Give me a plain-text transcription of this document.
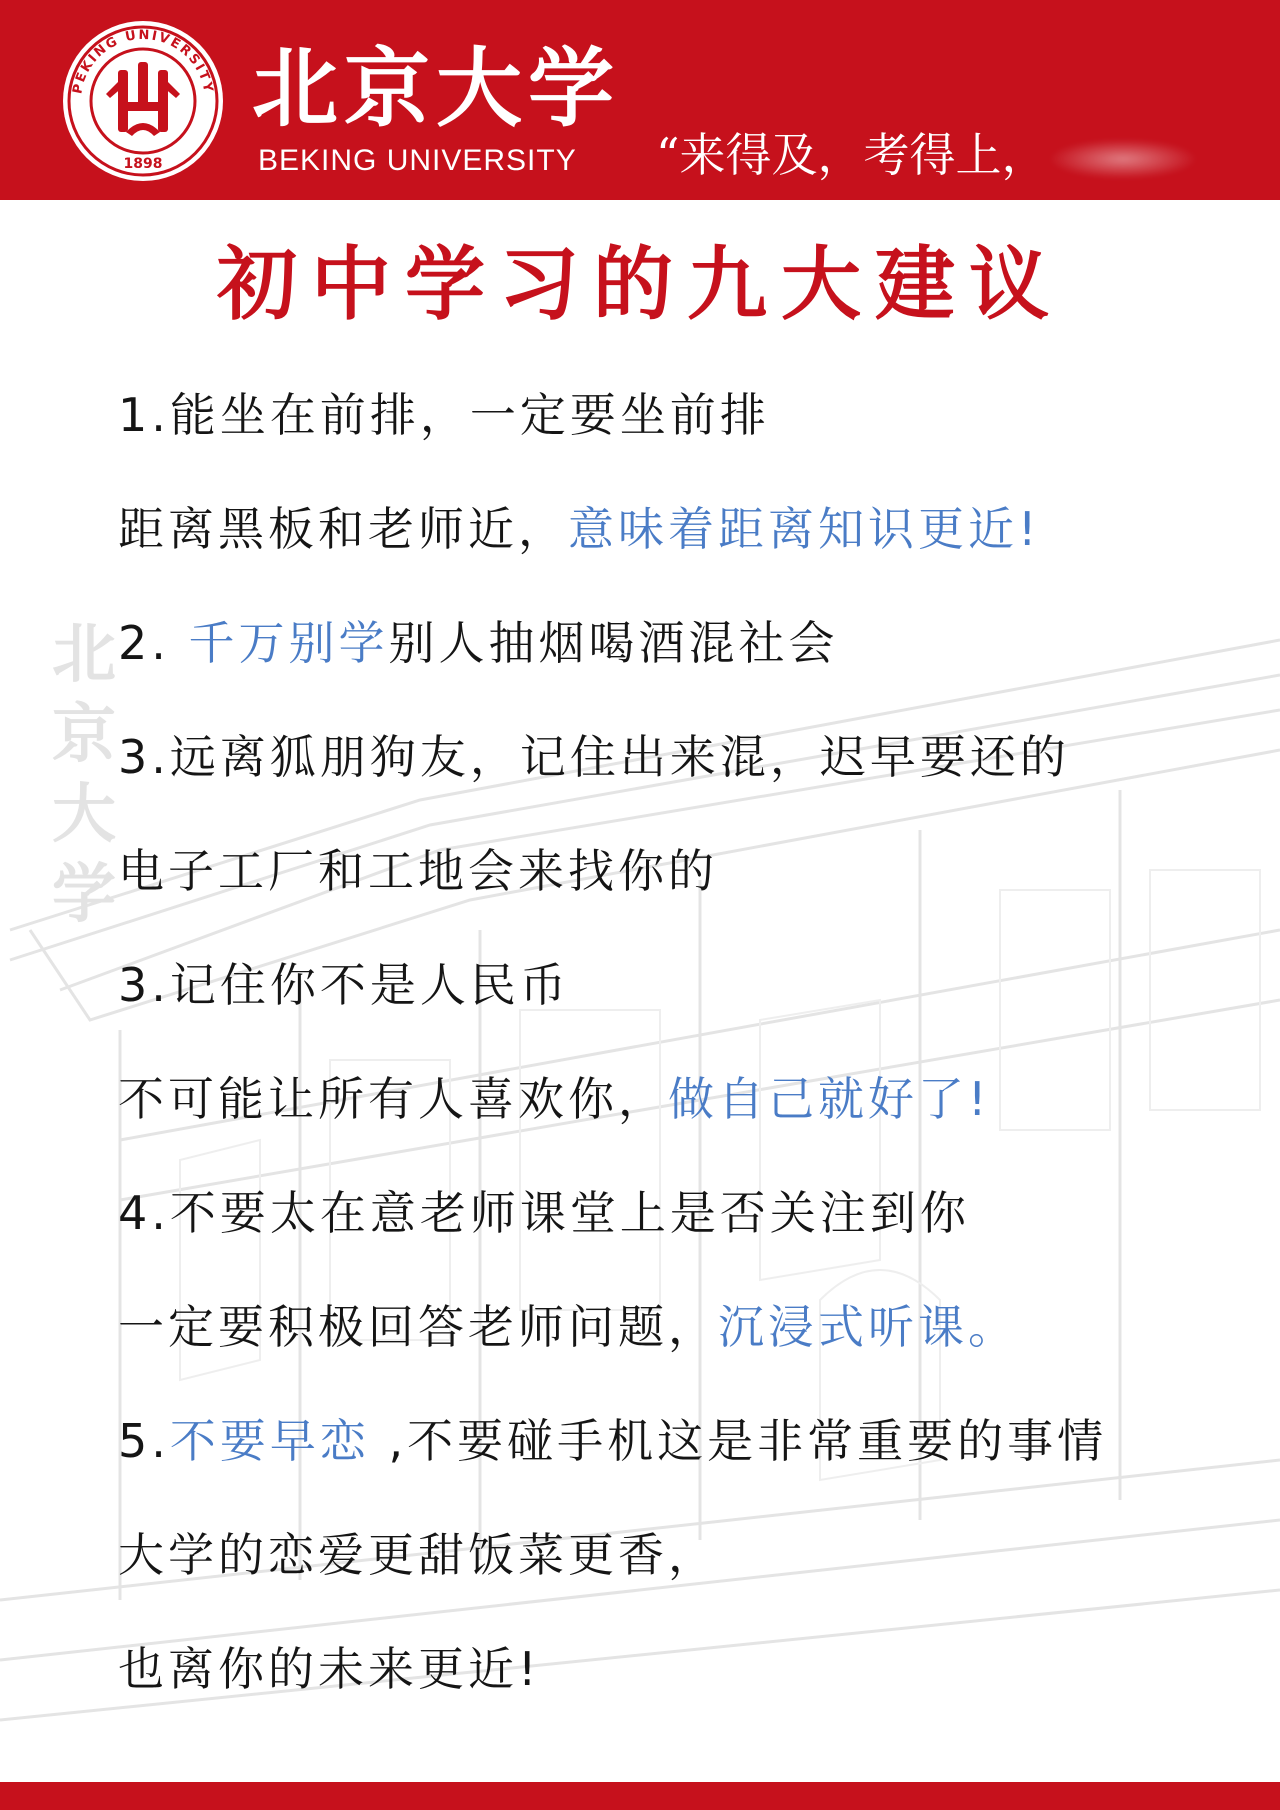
PEKING UNIVERSITY
1898
北京大学
BEKING UNIVERSITY “来得及，考得上，
北京大学
初中学习的九大建议
1.能坐在前排，一定要坐前排
距离黑板和老师近，意味着距离知识更近!
2. 千万别学别人抽烟喝酒混社会
3.远离狐朋狗友，记住出来混，迟早要还的
电子工厂和工地会来找你的
3.记住你不是人民币
不可能让所有人喜欢你，做自己就好了!
4.不要太在意老师课堂上是否关注到你
一定要积极回答老师问题，沉浸式听课。
5.不要早恋 ,不要碰手机这是非常重要的事情
大学的恋爱更甜饭菜更香，
也离你的未来更近!
